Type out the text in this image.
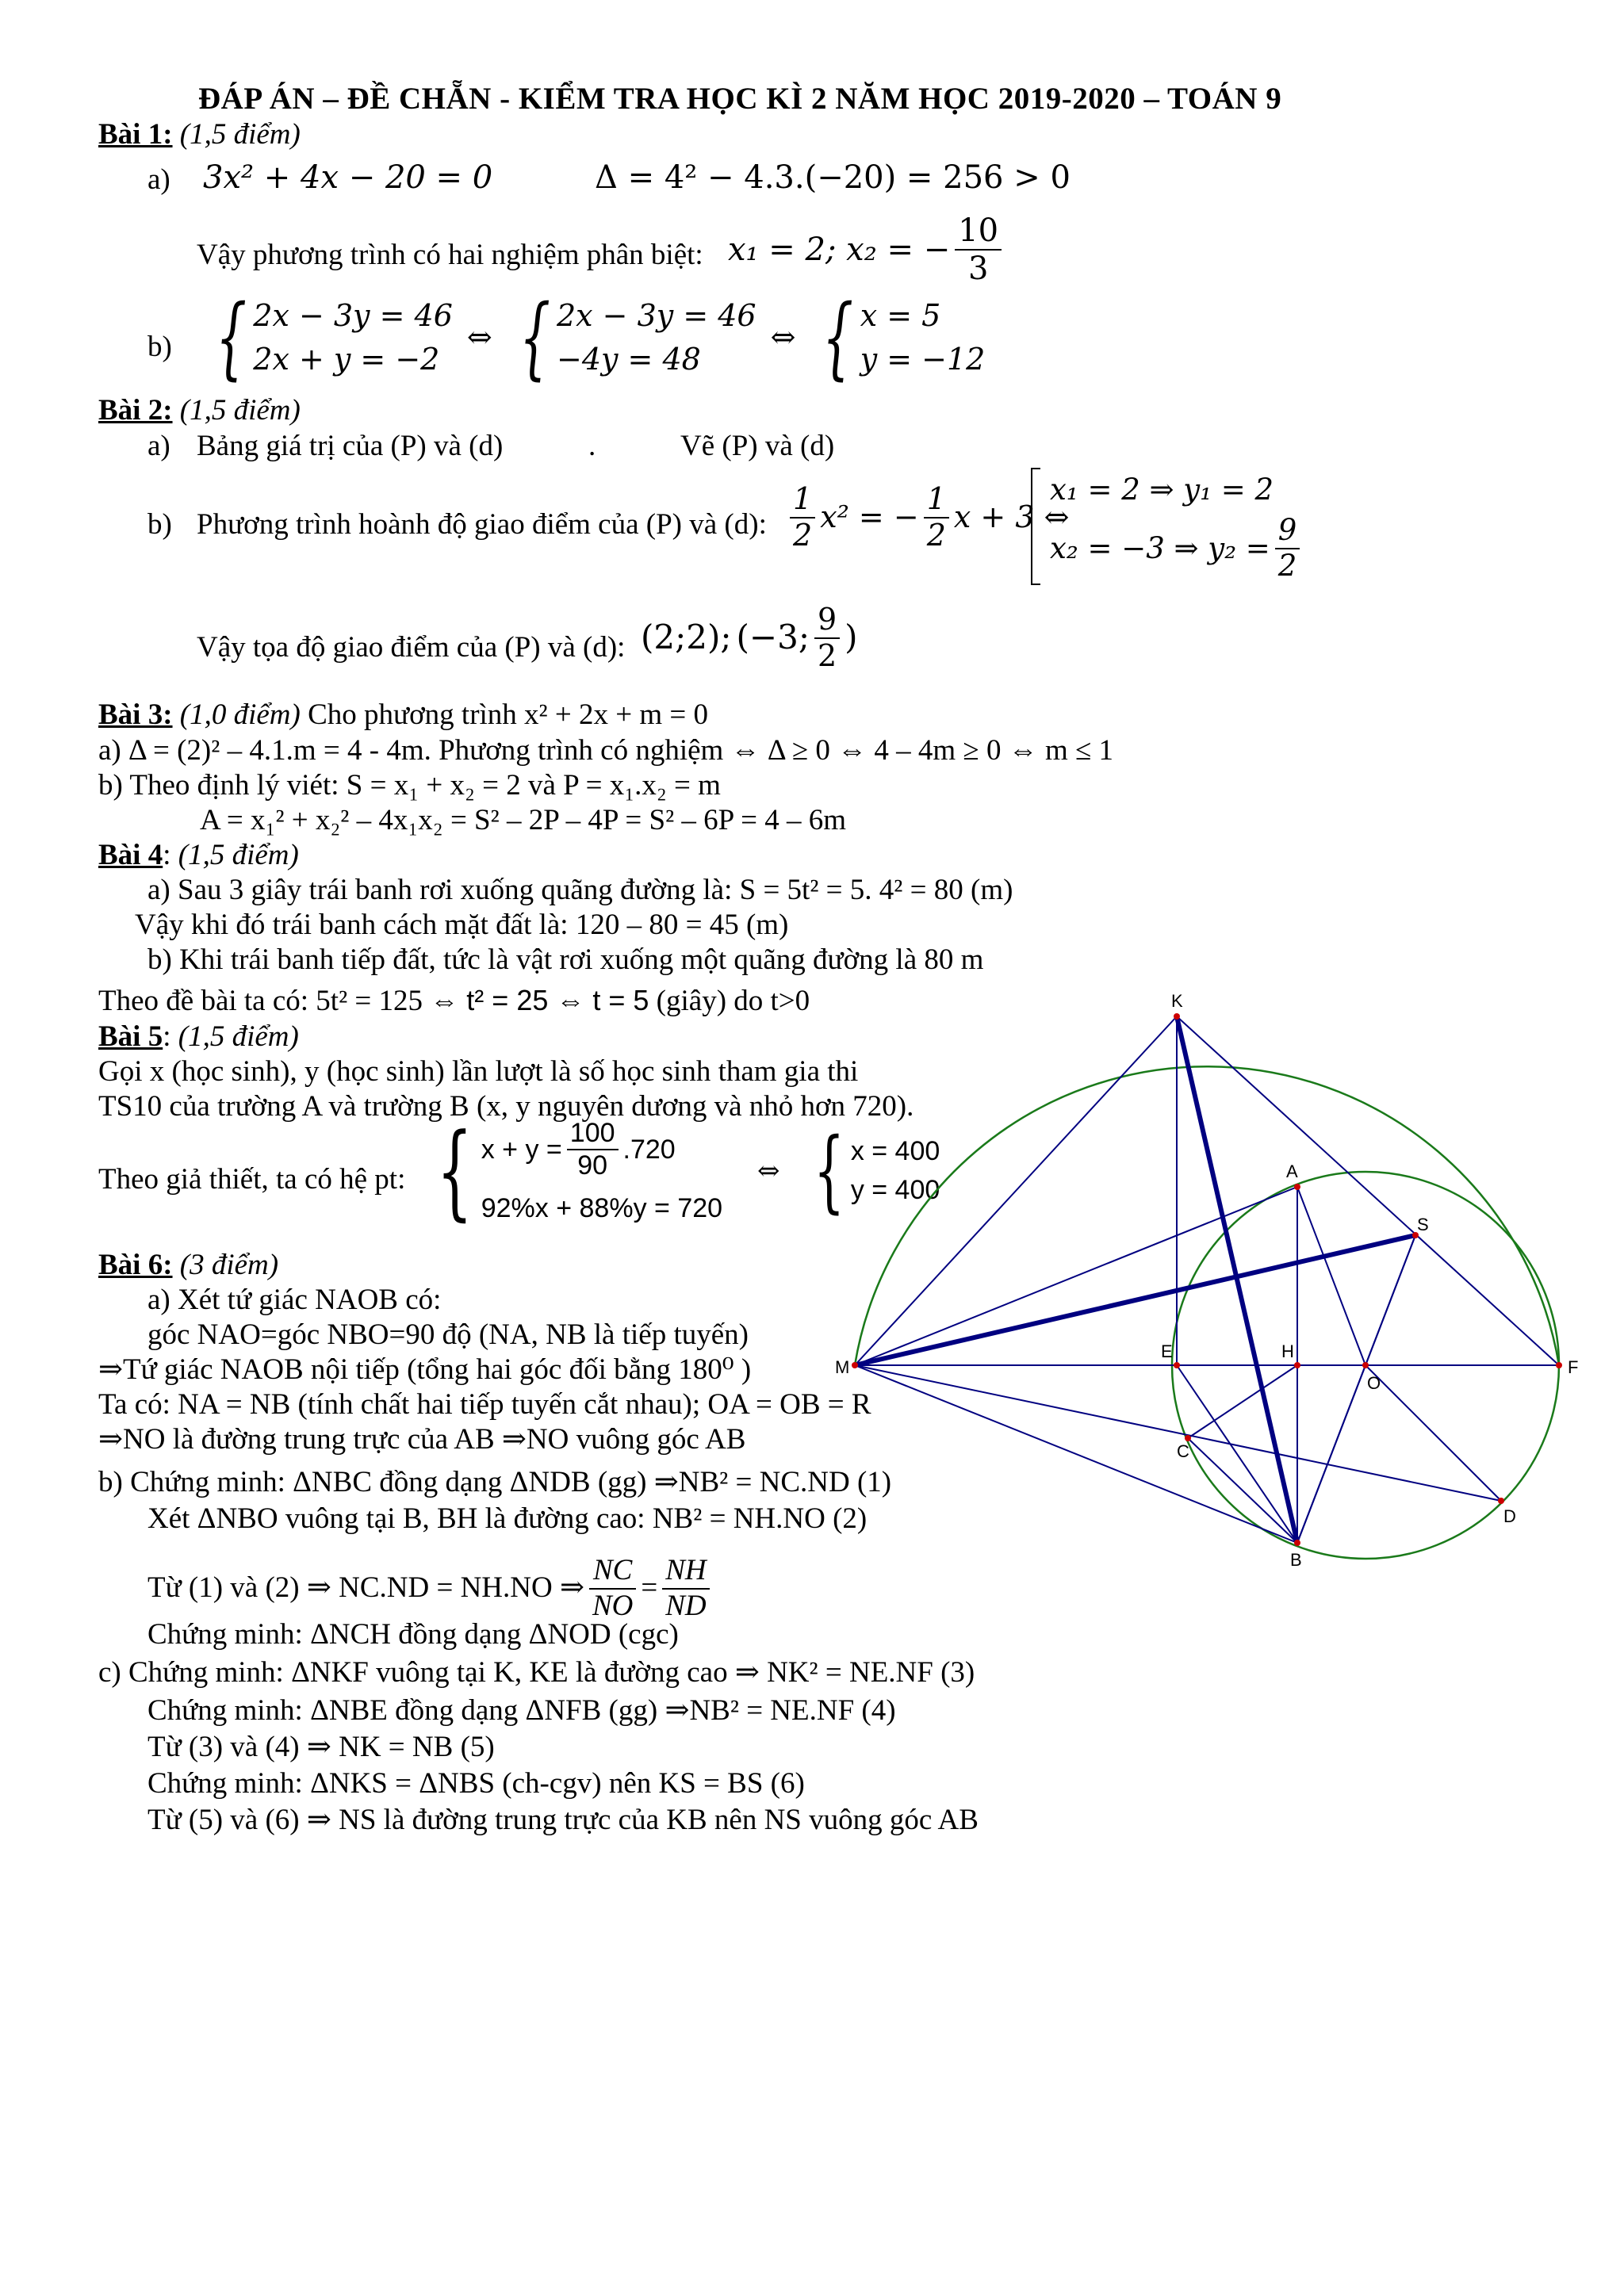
ĐÁP ÁN – ĐỀ CHẴN - KIỂM TRA HỌC KÌ 2 NĂM HỌC 2019-2020 – TOÁN 9
Bài 1: (1,5 điểm)
a) 3x² + 4x − 20 = 0	Δ = 4² − 4.3.(−20) = 256 > 0
Vậy phương trình có hai nghiệm phân biệt: x₁ = 2; x₂ = − $\frac{10}{3}$
b) { 2x − 3y = 46
2x + y = −2
⇔ { 2x − 3y = 46
−4y = 48
⇔ { x = 5
y = −12
Bài 2: (1,5 điểm)
a) Bảng giá trị của (P) và (d)	.	Vẽ (P) và (d)
b) Phương trình hoành độ giao điểm của (P) và (d): $\frac{1}{2} x^2$ = − $\frac{1}{2}$ x + 3 ⇔
x₁ = 2 ⇒ y₁ = 2
x₂ = −3 ⇒ $y_2 = \frac{9}{2}$
Vậy tọa độ giao điểm của (P) và (d): (2;2); (−3; $\frac{9}{2}$ )
Bài 3: (1,0 điểm) Cho phương trình x² + 2x + m = 0
a) Δ = (2)² – 4.1.m = 4 - 4m. Phương trình có nghiệm ⇔ Δ ≥ 0 ⇔ 4 – 4m ≥ 0 ⇔ m ≤ 1
b) Theo định lý viét: S = x₁ + x₂ = 2 và P = x₁.x₂ = m
A = x₁² + x₂² – 4x₁x₂ = S² – 2P – 4P = S² – 6P = 4 – 6m
Bài 4: (1,5 điểm)
a) Sau 3 giây trái banh rơi xuống quãng đường là: S = 5t² = 5. 4² = 80 (m)
Vậy khi đó trái banh cách mặt đất là: 120 – 80 = 45 (m)
b) Khi trái banh tiếp đất, tức là vật rơi xuống một quãng đường là 80 m
Theo đề bài ta có: 5t² = 125 ⇔ t² = 25 ⇔ t = 5 (giây) do t>0
Bài 5: (1,5 điểm)
Gọi x (học sinh), y (học sinh) lần lượt là số học sinh tham gia thi
TS10 của trường A và trường B (x, y nguyên dương và nhỏ hơn 720).
Theo giả thiết, ta có hệ pt: { $x + y = \frac{100}{90} .720$
92%x + 88%y = 720
⇔ { x = 400
y = 400
Bài 6: (3 điểm)
a) Xét tứ giác NAOB có:
góc NAO=góc NBO=90 độ (NA, NB là tiếp tuyến)
⇒Tứ giác NAOB nội tiếp (tổng hai góc đối bằng 180⁰ )
Ta có: NA = NB (tính chất hai tiếp tuyến cắt nhau); OA = OB = R
⇒NO là đường trung trực của AB ⇒NO vuông góc AB
b) Chứng minh: ΔNBC đồng dạng ΔNDB (gg) ⇒NB² = NC.ND (1)
Xét ΔNBO vuông tại B, BH là đường cao: NB² = NH.NO (2)
Từ (1) và (2) ⇒ NC.ND = NH.NO ⇒ $\frac{NC}{NO} = \frac{NH}{ND}$
Chứng minh: ΔNCH đồng dạng ΔNOD (cgc)
c) Chứng minh: ΔNKF vuông tại K, KE là đường cao ⇒ NK² = NE.NF (3)
Chứng minh: ΔNBE đồng dạng ΔNFB (gg) ⇒NB² = NE.NF (4)
Từ (3) và (4) ⇒ NK = NB (5)
Chứng minh: ΔNKS = ΔNBS (ch-cgv) nên KS = BS (6)
Từ (5) và (6) ⇒ NS là đường trung trực của KB nên NS vuông góc AB
K
A
S
M
E	H
O
F
C
D
B
